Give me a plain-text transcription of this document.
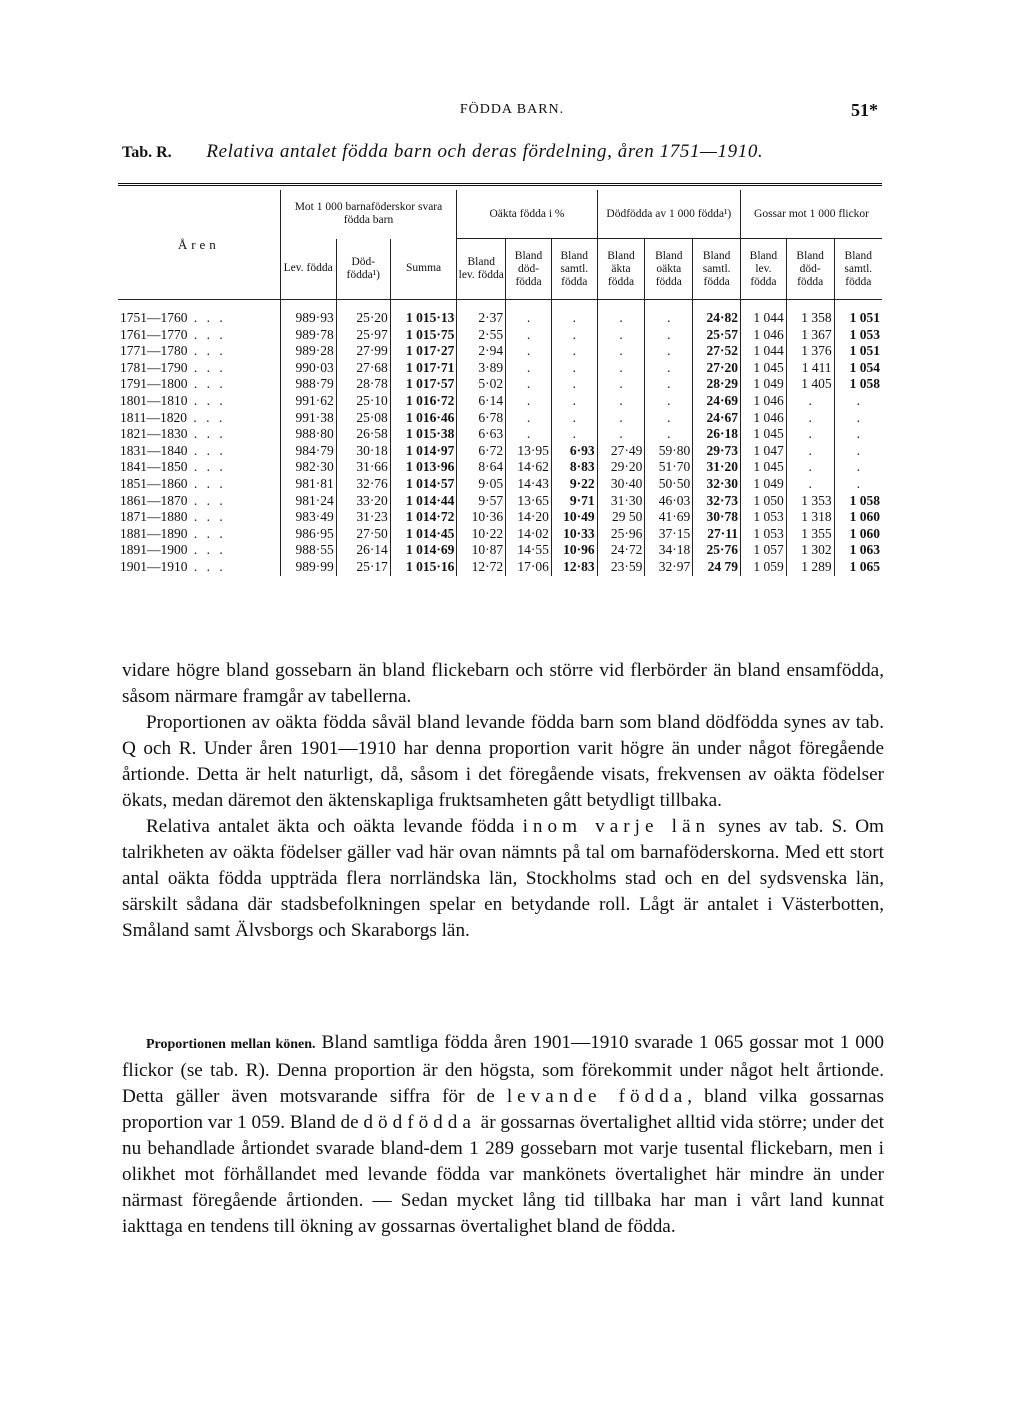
FÖDDA BARN.	51*
Tab. R. Relativa antalet födda barn och deras fördelning, åren 1751—1910.
Åren	Mot 1 000 barnaföderskor svara födda barn			Oäkta födda i %			Dödfödda av 1 000 födda¹)			Gossar mot 1 000 flickor		
	Lev. födda	Död- födda¹)	Summa	Bland lev. födda	Bland död- födda	Bland samtl. födda	Bland äkta födda	Bland oäkta födda	Bland samtl. födda	Bland lev. födda	Bland död- födda	Bland samtl. födda
1751—1760 . . .	989·93	25·20	1 015·13	2·37	.	.	.	.	24·82	1 044	1 358	1 051
1761—1770 . . .	989·78	25·97	1 015·75	2·55	.	.	.	.	25·57	1 046	1 367	1 053
1771—1780 . . .	989·28	27·99	1 017·27	2·94	.	.	.	.	27·52	1 044	1 376	1 051
1781—1790 . . .	990·03	27·68	1 017·71	3·89	.	.	.	.	27·20	1 045	1 411	1 054
1791—1800 . . .	988·79	28·78	1 017·57	5·02	.	.	.	.	28·29	1 049	1 405	1 058
1801—1810 . . .	991·62	25·10	1 016·72	6·14	.	.	.	.	24·69	1 046	.	.
1811—1820 . . .	991·38	25·08	1 016·46	6·78	.	.	.	.	24·67	1 046	.	.
1821—1830 . . .	988·80	26·58	1 015·38	6·63	.	.	.	.	26·18	1 045	.	.
1831—1840 . . .	984·79	30·18	1 014·97	6·72	13·95	6·93	27·49	59·80	29·73	1 047	.	.
1841—1850 . . .	982·30	31·66	1 013·96	8·64	14·62	8·83	29·20	51·70	31·20	1 045	.	.
1851—1860 . . .	981·81	32·76	1 014·57	9·05	14·43	9·22	30·40	50·50	32·30	1 049	.	.
1861—1870 . . .	981·24	33·20	1 014·44	9·57	13·65	9·71	31·30	46·03	32·73	1 050	1 353	1 058
1871—1880 . . .	983·49	31·23	1 014·72	10·36	14·20	10·49	29 50	41·69	30·78	1 053	1 318	1 060
1881—1890 . . .	986·95	27·50	1 014·45	10·22	14·02	10·33	25·96	37·15	27·11	1 053	1 355	1 060
1891—1900 . . .	988·55	26·14	1 014·69	10·87	14·55	10·96	24·72	34·18	25·76	1 057	1 302	1 063
1901—1910 . . .	989·99	25·17	1 015·16	12·72	17·06	12·83	23·59	32·97	24 79	1 059	1 289	1 065

vidare högre bland gossebarn än bland flickebarn och större vid flerbörder än bland ensamfödda, såsom närmare framgår av tabellerna.

Proportionen av oäkta födda såväl bland levande födda barn som bland dödfödda synes av tab. Q och R. Under åren 1901—1910 har denna proportion varit högre än under något föregående årtionde. Detta är helt naturligt, då, såsom i det föregående visats, frekvensen av oäkta födelser ökats, medan däremot den äktenskapliga fruktsamheten gått betydligt tillbaka.

Relativa antalet äkta och oäkta levande födda inom varje län synes av tab. S. Om talrikheten av oäkta födelser gäller vad här ovan nämnts på tal om barnaföderskorna. Med ett stort antal oäkta födda uppträda flera norrländska län, Stockholms stad och en del sydsvenska län, särskilt sådana där stadsbefolkningen spelar en betydande roll. Lågt är antalet i Västerbotten, Småland samt Älvsborgs och Skaraborgs län.

Proportionen mellan könen. Bland samtliga födda åren 1901—1910 svarade 1 065 gossar mot 1 000 flickor (se tab. R). Denna proportion är den högsta, som förekommit under något helt årtionde. Detta gäller även motsvarande siffra för de levande födda, bland vilka gossarnas proportion var 1 059. Bland de dödfödda är gossarnas övertalighet alltid vida större; under det nu behandlade årtiondet svarade bland-dem 1 289 gossebarn mot varje tusental flickebarn, men i olikhet mot förhållandet med levande födda var mankönets övertalighet här mindre än under närmast föregående årtionden. — Sedan mycket lång tid tillbaka har man i vårt land kunnat iakttaga en tendens till ökning av gossarnas övertalighet bland de födda.
